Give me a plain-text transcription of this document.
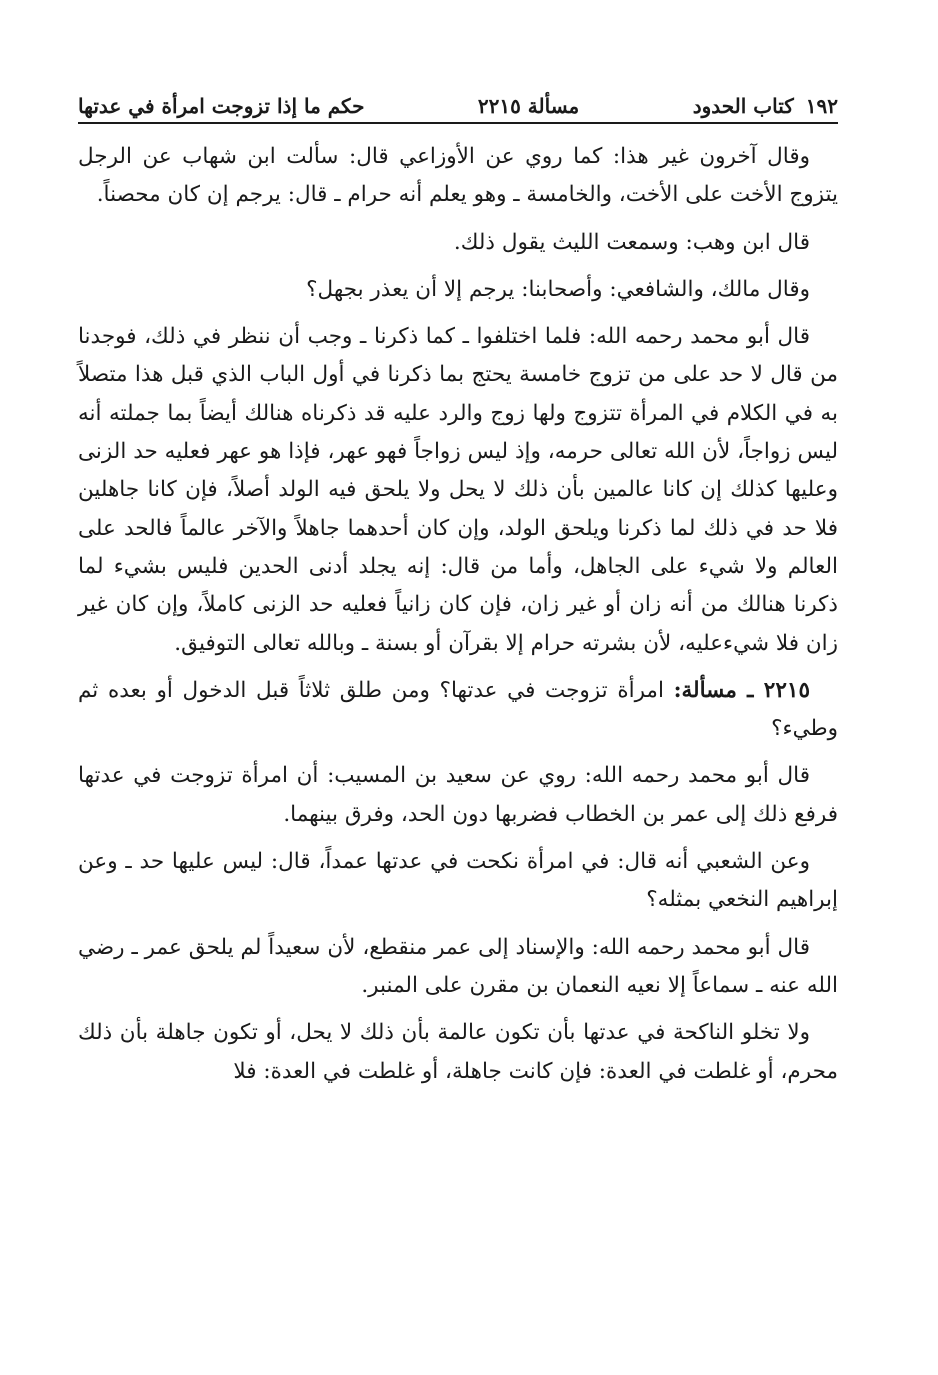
١٩٢
كتاب الحدود
مسألة ٢٢١٥
حكم ما إذا تزوجت امرأة في عدتها

وقال آخرون غير هذا: كما روي عن الأوزاعي قال: سألت ابن شهاب عن الرجل يتزوج الأخت على الأخت، والخامسة ـ وهو يعلم أنه حرام ـ قال: يرجم إن كان محصناً.

قال ابن وهب: وسمعت الليث يقول ذلك.

وقال مالك، والشافعي: وأصحابنا: يرجم إلا أن يعذر بجهل؟

قال أبو محمد رحمه الله: فلما اختلفوا ـ كما ذكرنا ـ وجب أن ننظر في ذلك، فوجدنا من قال لا حد على من تزوج خامسة يحتج بما ذكرنا في أول الباب الذي قبل هذا متصلاً به في الكلام في المرأة تتزوج ولها زوج والرد عليه قد ذكرناه هنالك أيضاً بما جملته أنه ليس زواجاً، لأن الله تعالى حرمه، وإذ ليس زواجاً فهو عهر، فإذا هو عهر فعليه حد الزنى وعليها كذلك إن كانا عالمين بأن ذلك لا يحل ولا يلحق فيه الولد أصلاً، فإن كانا جاهلين فلا حد في ذلك لما ذكرنا ويلحق الولد، وإن كان أحدهما جاهلاً والآخر عالماً فالحد على العالم ولا شيء على الجاهل، وأما من قال: إنه يجلد أدنى الحدين فليس بشيء لما ذكرنا هنالك من أنه زان أو غير زان، فإن كان زانياً فعليه حد الزنى كاملاً، وإن كان غير زان فلا شيءعليه، لأن بشرته حرام إلا بقرآن أو بسنة ـ وبالله تعالى التوفيق.

٢٢١٥ ـ مسألة: امرأة تزوجت في عدتها؟ ومن طلق ثلاثاً قبل الدخول أو بعده ثم وطيء؟

قال أبو محمد رحمه الله: روي عن سعيد بن المسيب: أن امرأة تزوجت في عدتها فرفع ذلك إلى عمر بن الخطاب فضربها دون الحد، وفرق بينهما.

وعن الشعبي أنه قال: في امرأة نكحت في عدتها عمداً، قال: ليس عليها حد ـ وعن إبراهيم النخعي بمثله؟

قال أبو محمد رحمه الله: والإسناد إلى عمر منقطع، لأن سعيداً لم يلحق عمر ـ رضي الله عنه ـ سماعاً إلا نعيه النعمان بن مقرن على المنبر.

ولا تخلو الناكحة في عدتها بأن تكون عالمة بأن ذلك لا يحل، أو تكون جاهلة بأن ذلك محرم، أو غلطت في العدة: فإن كانت جاهلة، أو غلطت في العدة: فلا
